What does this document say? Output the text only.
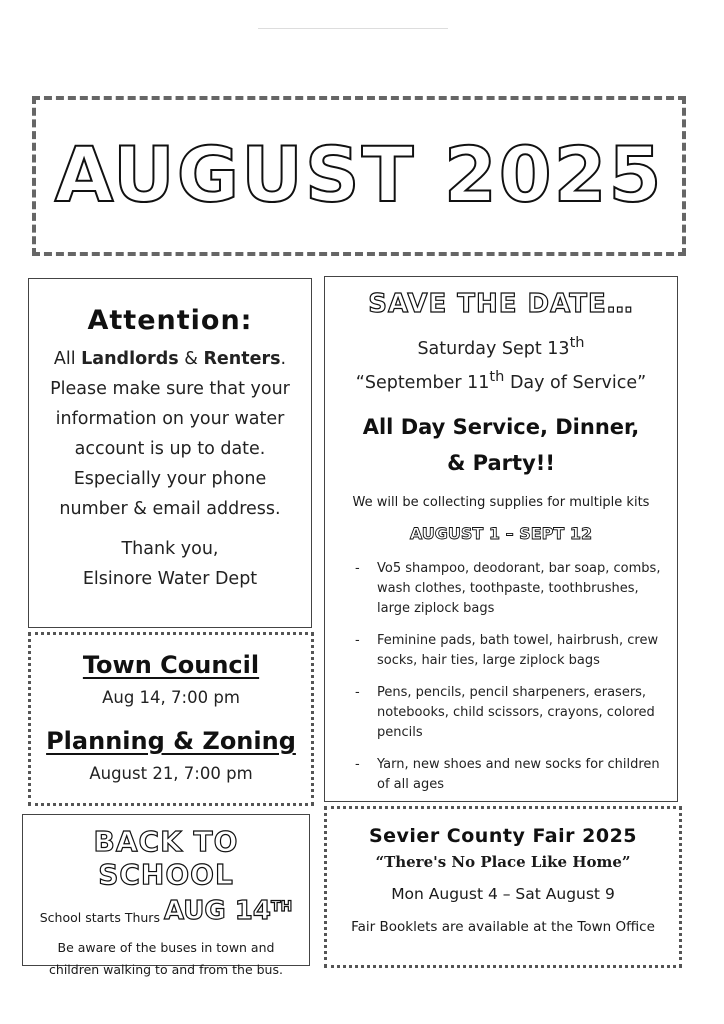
AUGUST 2025
Attention:
All Landlords & Renters. Please make sure that your information on your water account is up to date. Especially your phone number & email address.
Thank you,
Elsinore Water Dept
Town Council
Aug 14, 7:00 pm
Planning & Zoning
August 21, 7:00 pm
BACK TO SCHOOL
School starts Thurs AUG 14TH
Be aware of the buses in town and children walking to and from the bus.
SAVE THE DATE…
Saturday Sept 13th
“September 11th Day of Service”
All Day Service, Dinner,
& Party!!
We will be collecting supplies for multiple kits
AUGUST 1 – SEPT 12
- Vo5 shampoo, deodorant, bar soap, combs, wash clothes, toothpaste, toothbrushes, large ziplock bags
- Feminine pads, bath towel, hairbrush, crew socks, hair ties, large ziplock bags
- Pens, pencils, pencil sharpeners, erasers, notebooks, child scissors, crayons, colored pencils
- Yarn, new shoes and new socks for children of all ages
Sevier County Fair 2025
“There's No Place Like Home”
Mon August 4 – Sat August 9
Fair Booklets are available at the Town Office
